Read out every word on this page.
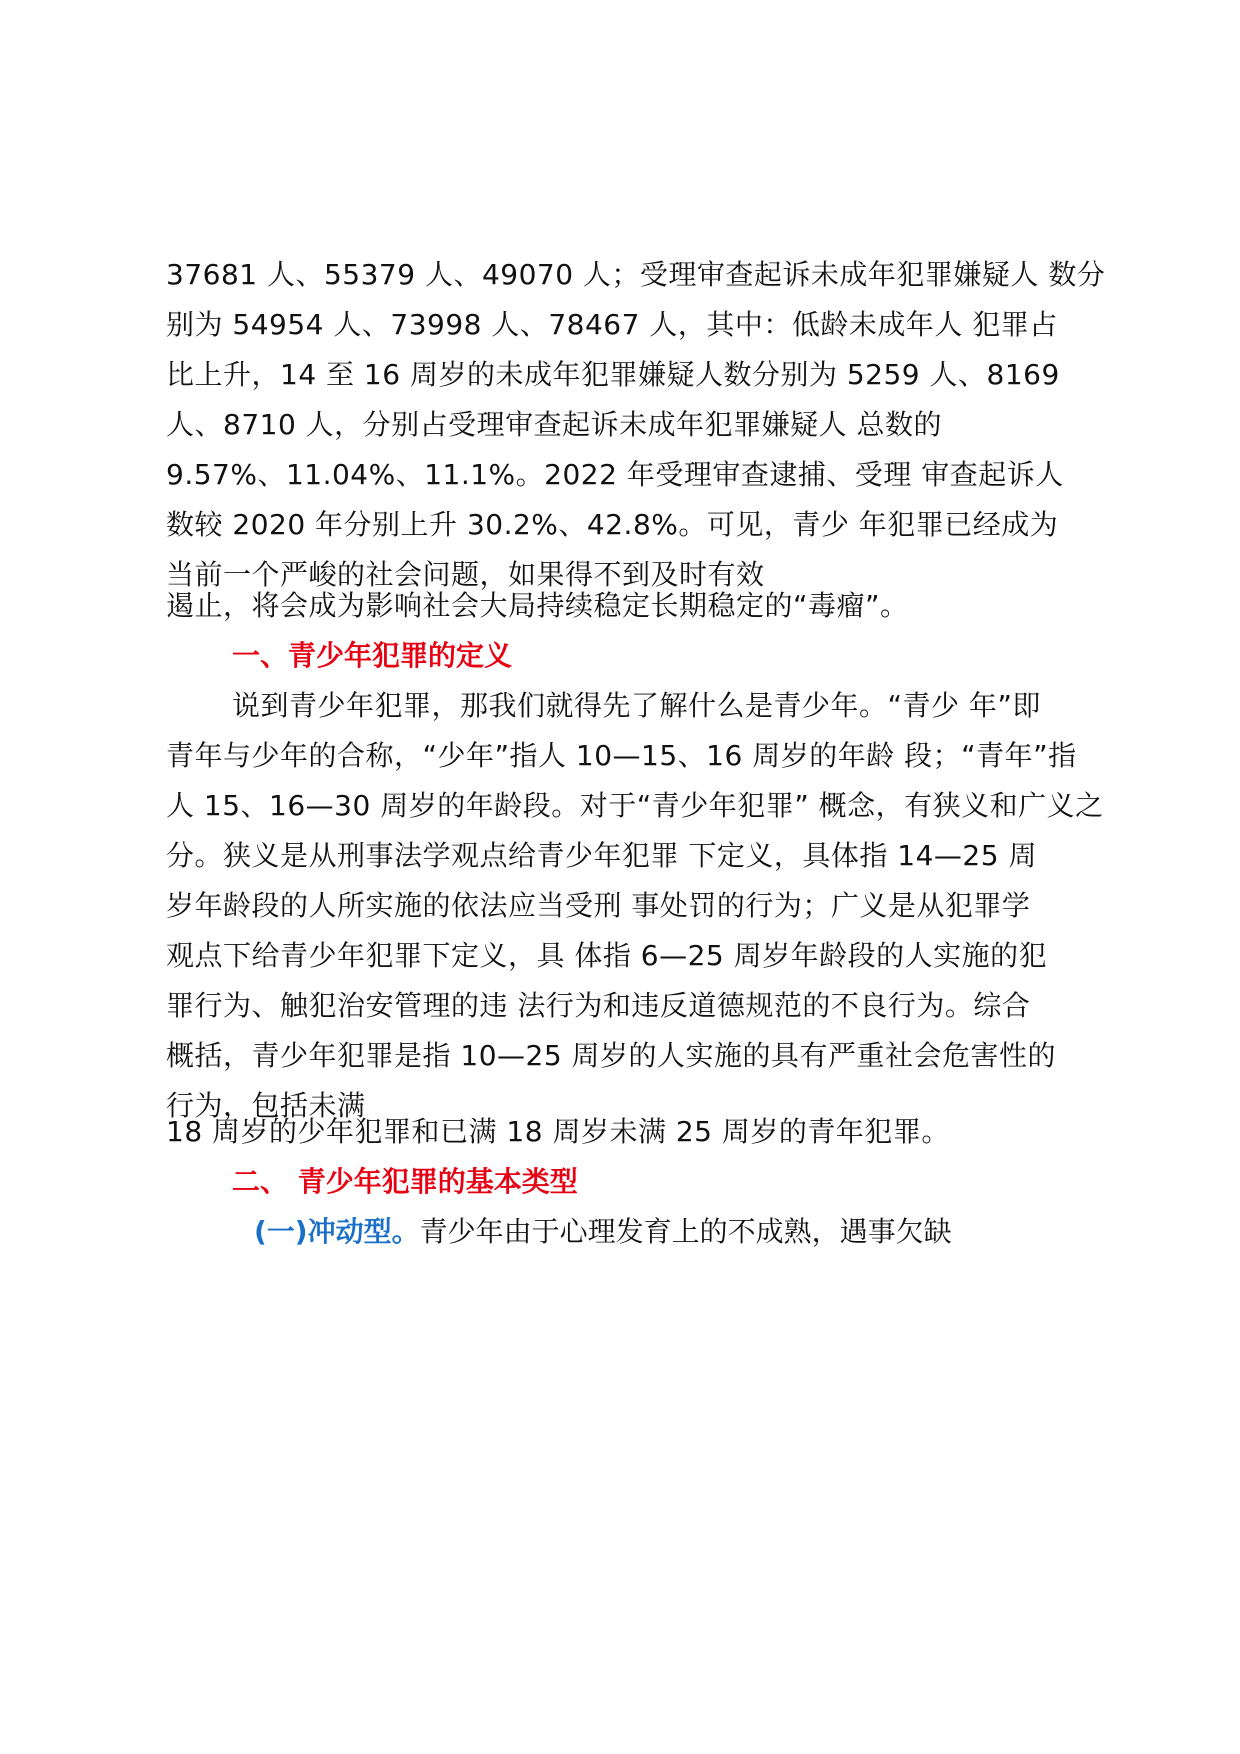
37681 人、55379 人、49070 人；受理审查起诉未成年犯罪嫌疑人 数分
别为 54954 人、73998 人、78467 人，其中：低龄未成年人 犯罪占
比上升，14 至 16 周岁的未成年犯罪嫌疑人数分别为 5259 人、8169
人、8710 人，分别占受理审查起诉未成年犯罪嫌疑人 总数的
9.57%、11.04%、11.1%。2022 年受理审查逮捕、受理 审查起诉人
数较 2020 年分别上升 30.2%、42.8%。可见，青少 年犯罪已经成为
当前一个严峻的社会问题，如果得不到及时有效
遏止，将会成为影响社会大局持续稳定长期稳定的“毒瘤”。
一、青少年犯罪的定义
说到青少年犯罪，那我们就得先了解什么是青少年。“青少 年”即
青年与少年的合称，“少年”指人 10—15、16 周岁的年龄 段；“青年”指
人 15、16—30 周岁的年龄段。对于“青少年犯罪” 概念，有狭义和广义之
分。狭义是从刑事法学观点给青少年犯罪 下定义，具体指 14—25 周
岁年龄段的人所实施的依法应当受刑 事处罚的行为；广义是从犯罪学
观点下给青少年犯罪下定义，具 体指 6—25 周岁年龄段的人实施的犯
罪行为、触犯治安管理的违 法行为和违反道德规范的不良行为。综合
概括，青少年犯罪是指 10—25 周岁的人实施的具有严重社会危害性的
行为，包括未满
18 周岁的少年犯罪和已满 18 周岁未满 25 周岁的青年犯罪。
二、 青少年犯罪的基本类型
(一)冲动型。青少年由于心理发育上的不成熟，遇事欠缺
